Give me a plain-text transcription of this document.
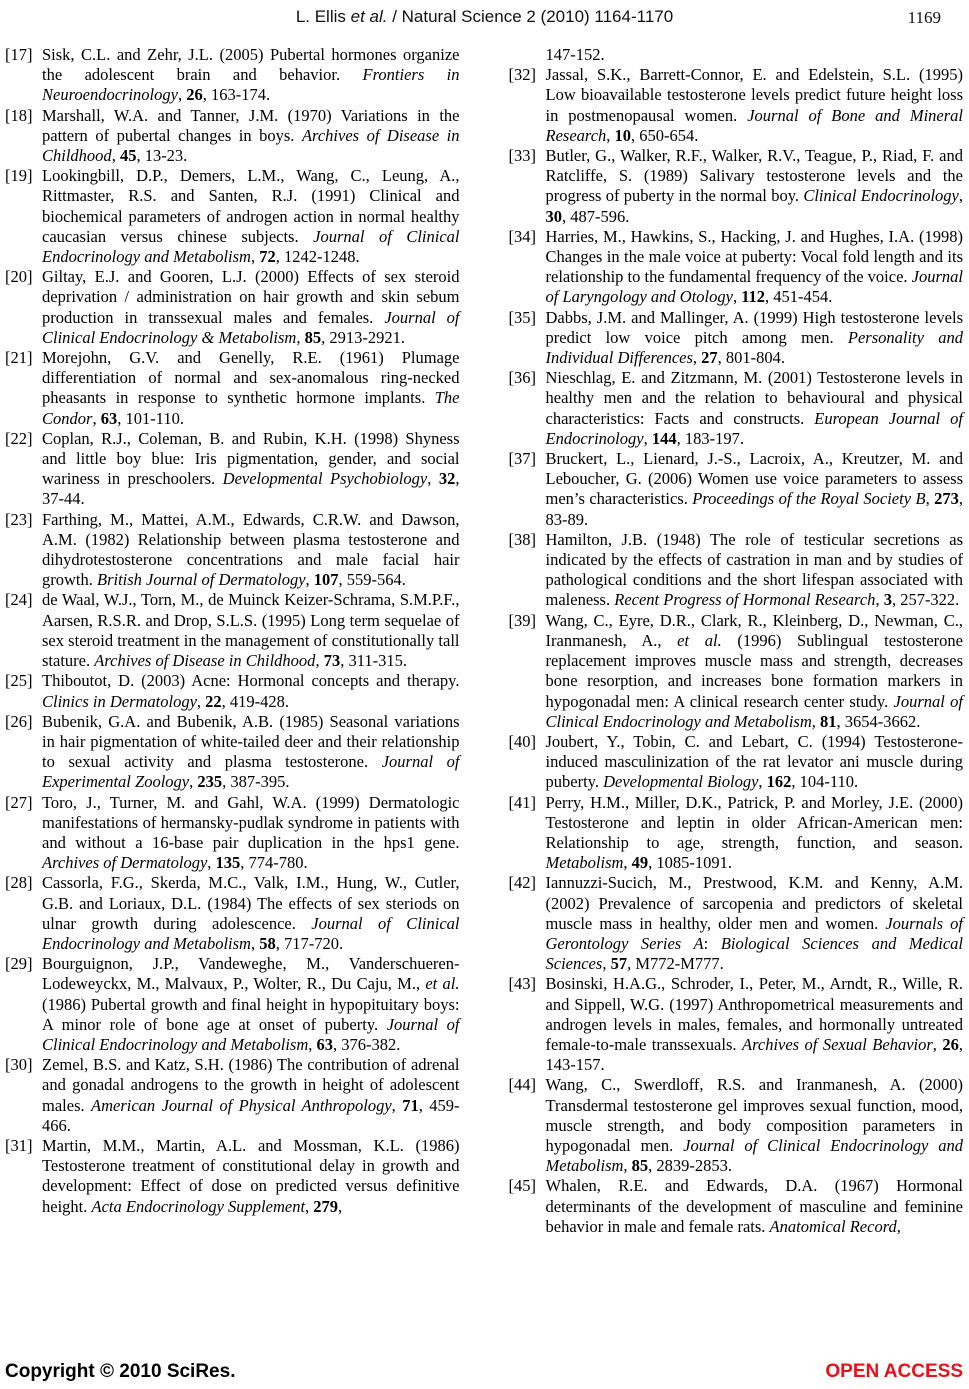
L. Ellis et al. / Natural Science 2 (2010) 1164-1170	1169
[17] Sisk, C.L. and Zehr, J.L. (2005) Pubertal hormones organize the adolescent brain and behavior. Frontiers in Neuroendocrinology, 26, 163-174.
[18] Marshall, W.A. and Tanner, J.M. (1970) Variations in the pattern of pubertal changes in boys. Archives of Disease in Childhood, 45, 13-23.
[19] Lookingbill, D.P., Demers, L.M., Wang, C., Leung, A., Rittmaster, R.S. and Santen, R.J. (1991) Clinical and biochemical parameters of androgen action in normal healthy caucasian versus chinese subjects. Journal of Clinical Endocrinology and Metabolism, 72, 1242-1248.
[20] Giltay, E.J. and Gooren, L.J. (2000) Effects of sex steroid deprivation / administration on hair growth and skin sebum production in transsexual males and females. Journal of Clinical Endocrinology & Metabolism, 85, 2913-2921.
[21] Morejohn, G.V. and Genelly, R.E. (1961) Plumage differentiation of normal and sex-anomalous ring-necked pheasants in response to synthetic hormone implants. The Condor, 63, 101-110.
[22] Coplan, R.J., Coleman, B. and Rubin, K.H. (1998) Shyness and little boy blue: Iris pigmentation, gender, and social wariness in preschoolers. Developmental Psychobiology, 32, 37-44.
[23] Farthing, M., Mattei, A.M., Edwards, C.R.W. and Dawson, A.M. (1982) Relationship between plasma testosterone and dihydrotestosterone concentrations and male facial hair growth. British Journal of Dermatology, 107, 559-564.
[24] de Waal, W.J., Torn, M., de Muinck Keizer-Schrama, S.M.P.F., Aarsen, R.S.R. and Drop, S.L.S. (1995) Long term sequelae of sex steroid treatment in the management of constitutionally tall stature. Archives of Disease in Childhood, 73, 311-315.
[25] Thiboutot, D. (2003) Acne: Hormonal concepts and therapy. Clinics in Dermatology, 22, 419-428.
[26] Bubenik, G.A. and Bubenik, A.B. (1985) Seasonal variations in hair pigmentation of white-tailed deer and their relationship to sexual activity and plasma testosterone. Journal of Experimental Zoology, 235, 387-395.
[27] Toro, J., Turner, M. and Gahl, W.A. (1999) Dermatologic manifestations of hermansky-pudlak syndrome in patients with and without a 16-base pair duplication in the hps1 gene. Archives of Dermatology, 135, 774-780.
[28] Cassorla, F.G., Skerda, M.C., Valk, I.M., Hung, W., Cutler, G.B. and Loriaux, D.L. (1984) The effects of sex steriods on ulnar growth during adolescence. Journal of Clinical Endocrinology and Metabolism, 58, 717-720.
[29] Bourguignon, J.P., Vandeweghe, M., Vanderschueren-Lodeweyckx, M., Malvaux, P., Wolter, R., Du Caju, M., et al. (1986) Pubertal growth and final height in hypopituitary boys: A minor role of bone age at onset of puberty. Journal of Clinical Endocrinology and Metabolism, 63, 376-382.
[30] Zemel, B.S. and Katz, S.H. (1986) The contribution of adrenal and gonadal androgens to the growth in height of adolescent males. American Journal of Physical Anthropology, 71, 459-466.
[31] Martin, M.M., Martin, A.L. and Mossman, K.L. (1986) Testosterone treatment of constitutional delay in growth and development: Effect of dose on predicted versus definitive height. Acta Endocrinology Supplement, 279,
147-152.
[32] Jassal, S.K., Barrett-Connor, E. and Edelstein, S.L. (1995) Low bioavailable testosterone levels predict future height loss in postmenopausal women. Journal of Bone and Mineral Research, 10, 650-654.
[33] Butler, G., Walker, R.F., Walker, R.V., Teague, P., Riad, F. and Ratcliffe, S. (1989) Salivary testosterone levels and the progress of puberty in the normal boy. Clinical Endocrinology, 30, 487-596.
[34] Harries, M., Hawkins, S., Hacking, J. and Hughes, I.A. (1998) Changes in the male voice at puberty: Vocal fold length and its relationship to the fundamental frequency of the voice. Journal of Laryngology and Otology, 112, 451-454.
[35] Dabbs, J.M. and Mallinger, A. (1999) High testosterone levels predict low voice pitch among men. Personality and Individual Differences, 27, 801-804.
[36] Nieschlag, E. and Zitzmann, M. (2001) Testosterone levels in healthy men and the relation to behavioural and physical characteristics: Facts and constructs. European Journal of Endocrinology, 144, 183-197.
[37] Bruckert, L., Lienard, J.-S., Lacroix, A., Kreutzer, M. and Leboucher, G. (2006) Women use voice parameters to assess men’s characteristics. Proceedings of the Royal Society B, 273, 83-89.
[38] Hamilton, J.B. (1948) The role of testicular secretions as indicated by the effects of castration in man and by studies of pathological conditions and the short lifespan associated with maleness. Recent Progress of Hormonal Research, 3, 257-322.
[39] Wang, C., Eyre, D.R., Clark, R., Kleinberg, D., Newman, C., Iranmanesh, A., et al. (1996) Sublingual testosterone replacement improves muscle mass and strength, decreases bone resorption, and increases bone formation markers in hypogonadal men: A clinical research center study. Journal of Clinical Endocrinology and Metabolism, 81, 3654-3662.
[40] Joubert, Y., Tobin, C. and Lebart, C. (1994) Testosterone-induced masculinization of the rat levator ani muscle during puberty. Developmental Biology, 162, 104-110.
[41] Perry, H.M., Miller, D.K., Patrick, P. and Morley, J.E. (2000) Testosterone and leptin in older African-American men: Relationship to age, strength, function, and season. Metabolism, 49, 1085-1091.
[42] Iannuzzi-Sucich, M., Prestwood, K.M. and Kenny, A.M. (2002) Prevalence of sarcopenia and predictors of skeletal muscle mass in healthy, older men and women. Journals of Gerontology Series A: Biological Sciences and Medical Sciences, 57, M772-M777.
[43] Bosinski, H.A.G., Schroder, I., Peter, M., Arndt, R., Wille, R. and Sippell, W.G. (1997) Anthropometrical measurements and androgen levels in males, females, and hormonally untreated female-to-male transsexuals. Archives of Sexual Behavior, 26, 143-157.
[44] Wang, C., Swerdloff, R.S. and Iranmanesh, A. (2000) Transdermal testosterone gel improves sexual function, mood, muscle strength, and body composition parameters in hypogonadal men. Journal of Clinical Endocrinology and Metabolism, 85, 2839-2853.
[45] Whalen, R.E. and Edwards, D.A. (1967) Hormonal determinants of the development of masculine and feminine behavior in male and female rats. Anatomical Record,
Copyright © 2010 SciRes.	OPEN ACCESS
